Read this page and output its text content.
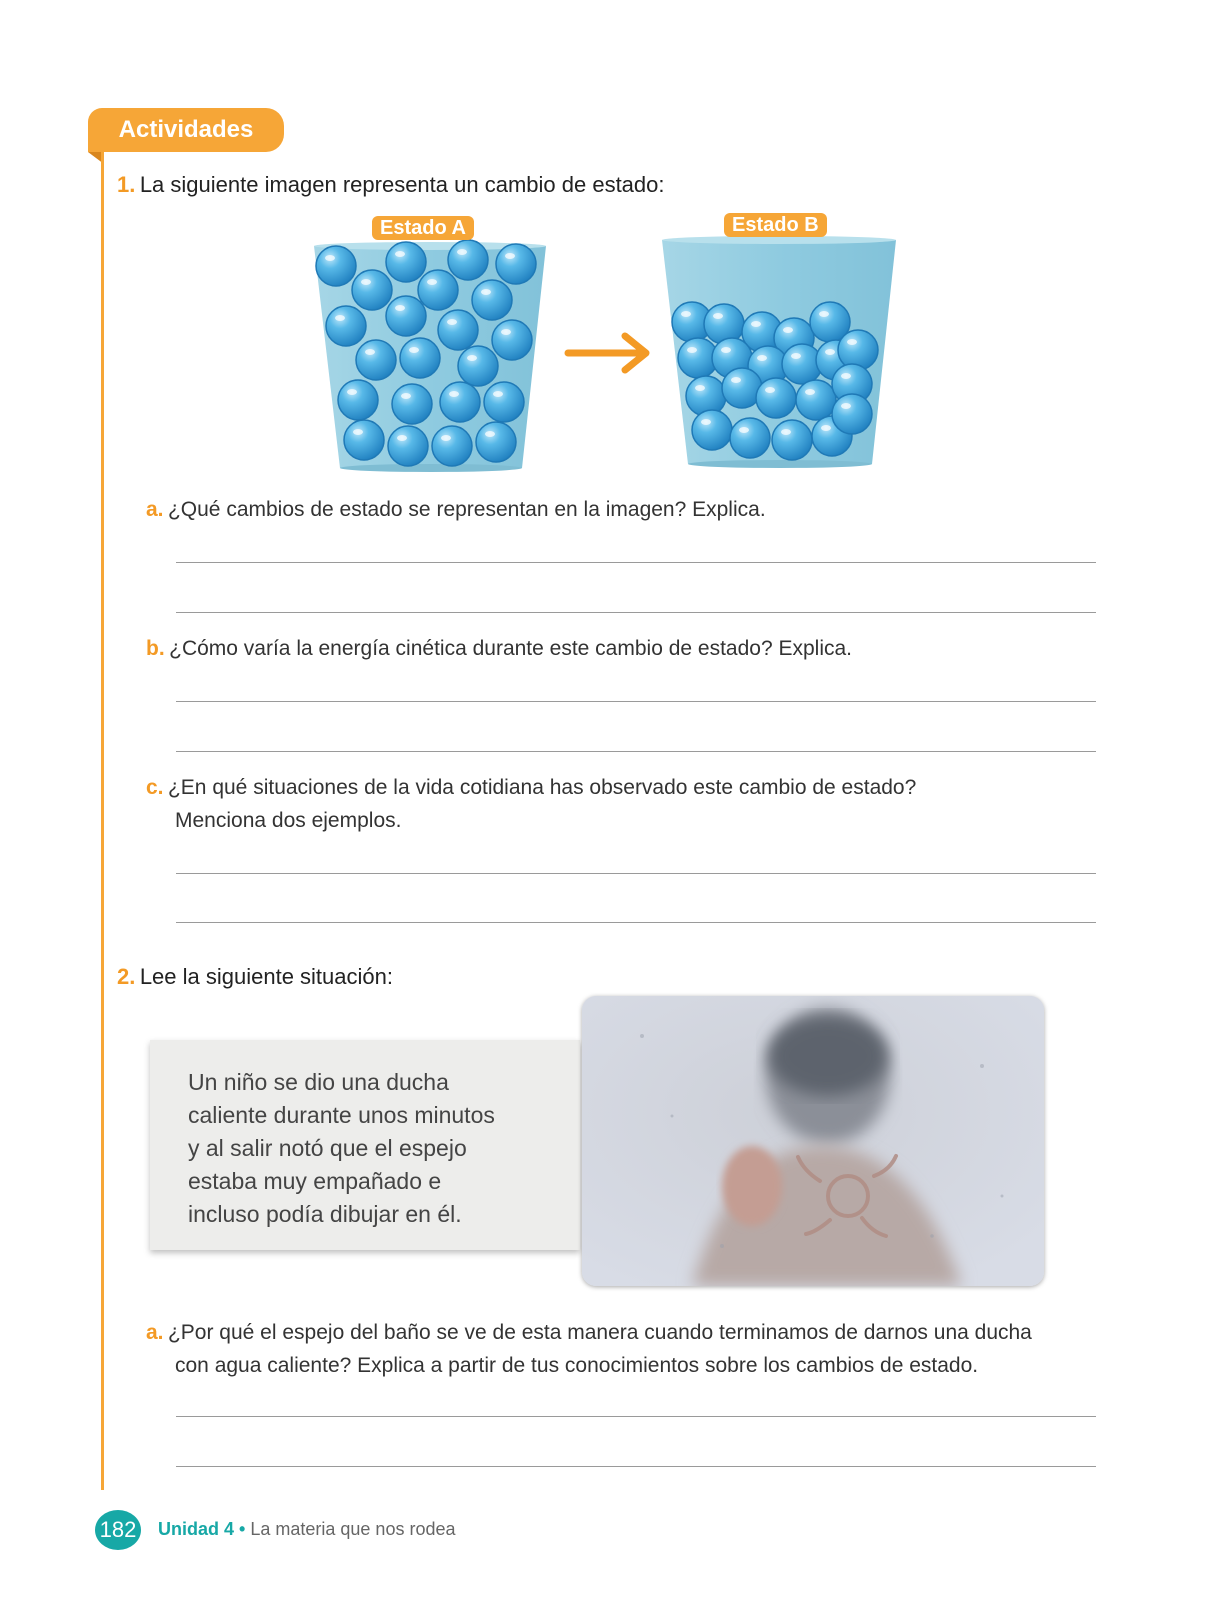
Actividades
1. La siguiente imagen representa un cambio de estado:
Estado A	Estado B
a. ¿Qué cambios de estado se representan en la imagen? Explica.
b. ¿Cómo varía la energía cinética durante este cambio de estado? Explica.
c. ¿En qué situaciones de la vida cotidiana has observado este cambio de estado?
Menciona dos ejemplos.
2. Lee la siguiente situación:
Un niño se dio una ducha
caliente durante unos minutos
y al salir notó que el espejo
estaba muy empañado e
incluso podía dibujar en él.
a. ¿Por qué el espejo del baño se ve de esta manera cuando terminamos de darnos una ducha
con agua caliente? Explica a partir de tus conocimientos sobre los cambios de estado.
182 Unidad 4 • La materia que nos rodea
